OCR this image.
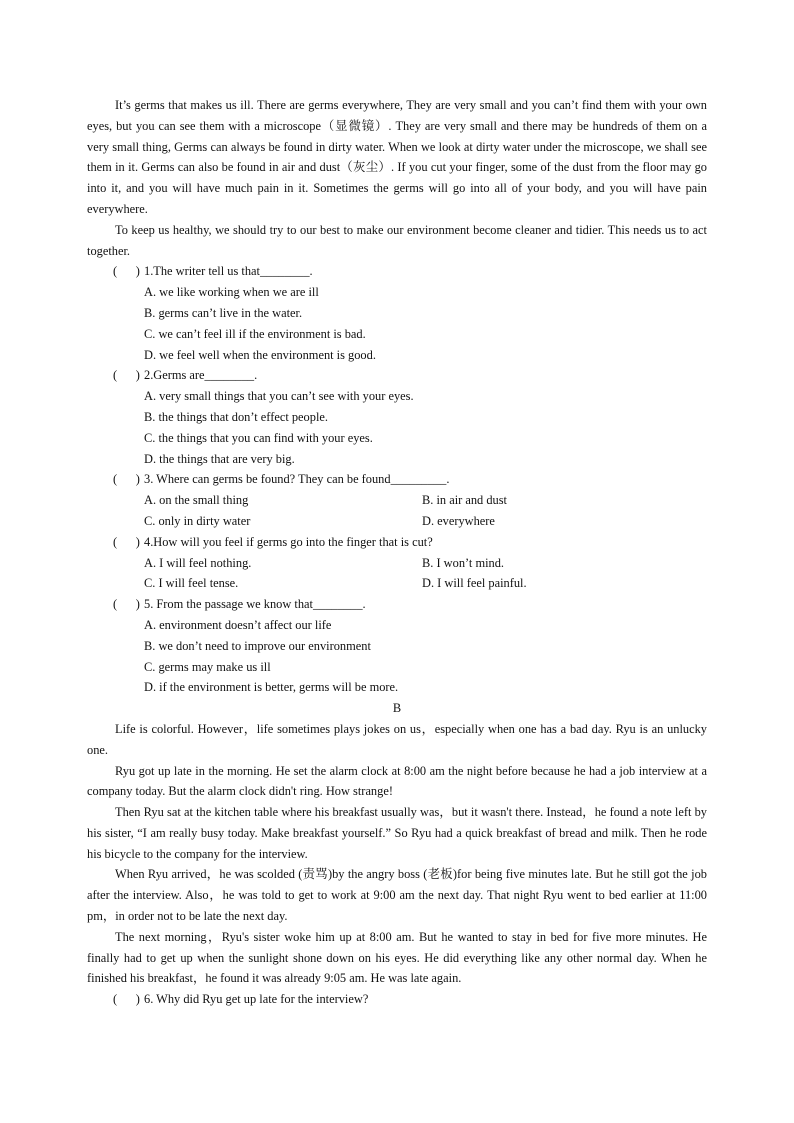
It’s germs that makes us ill. There are germs everywhere, They are very small and you can’t find them with your own eyes, but you can see them with a microscope（显微镜）. They are very small and there may be hundreds of them on a very small thing, Germs can always be found in dirty water. When we look at dirty water under the microscope, we shall see them in it. Germs can also be found in air and dust（灰尘）. If you cut your finger, some of the dust from the floor may go into it, and you will have much pain in it. Sometimes the germs will go into all of your body, and you will have pain everywhere.

To keep us healthy, we should try to our best to make our environment become cleaner and tidier. This needs us to act together.

(      ) 1.The writer tell us that________.

A. we like working when we are ill

B. germs can’t live in the water.

C. we can’t feel ill if the environment is bad.

D. we feel well when the environment is good.

(      ) 2.Germs are________.

A. very small things that you can’t see with your eyes.

B. the things that don’t effect people.

C. the things that you can find with your eyes.

D. the things that are very big.

(      ) 3. Where can germs be found? They can be found_________.
A. on the small thing	B. in air and dust
C. only in dirty water	D. everywhere
(      ) 4.How will you feel if germs go into the finger that is cut?
A. I will feel nothing.	B. I won’t mind.
C. I will feel tense.	D. I will feel painful.
(      ) 5. From the passage we know that________.

A. environment doesn’t affect our life

B. we don’t need to improve our environment

C. germs may make us ill

D. if the environment is better, germs will be more.

B

Life is colorful. However，life sometimes plays jokes on us，especially when one has a bad day. Ryu is an unlucky one.

Ryu got up late in the morning. He set the alarm clock at 8:00 am the night before because he had a job interview at a company today. But the alarm clock didn't ring. How strange!

Then Ryu sat at the kitchen table where his breakfast usually was，but it wasn't there. Instead，he found a note left by his sister, “I am really busy today. Make breakfast yourself.” So Ryu had a quick breakfast of bread and milk. Then he rode his bicycle to the company for the interview.

When Ryu arrived，he was scolded (责骂)by the angry boss (老板)for being five minutes late. But he still got the job after the interview. Also，he was told to get to work at 9:00 am the next day. That night Ryu went to bed earlier at 11:00 pm，in order not to be late the next day.

The next morning，Ryu's sister woke him up at 8:00 am. But he wanted to stay in bed for five more minutes. He finally had to get up when the sunlight shone down on his eyes. He did everything like any other normal day. When he finished his breakfast，he found it was already 9:05 am. He was late again.

(      ) 6. Why did Ryu get up late for the interview?
